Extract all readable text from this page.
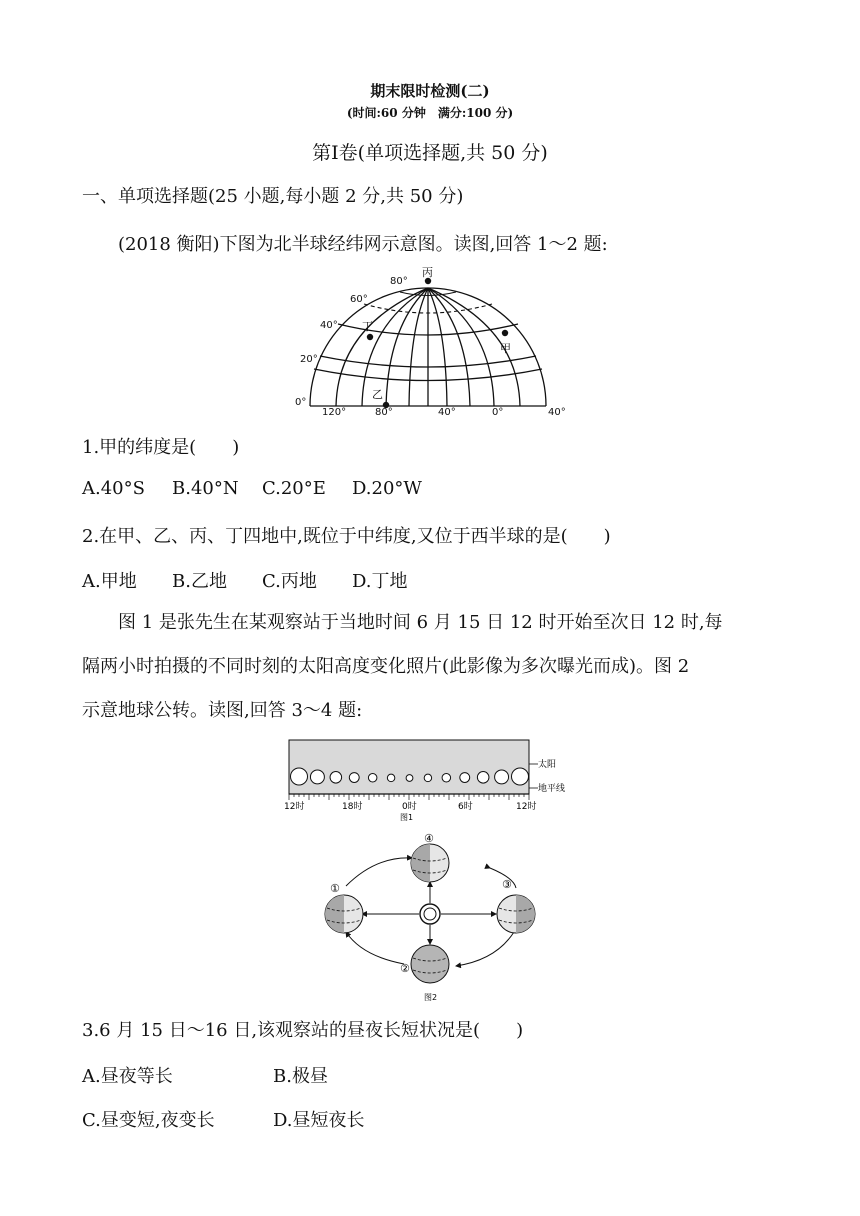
期末限时检测(二)
(时间:60 分钟　满分:100 分)
第Ⅰ卷(单项选择题,共 50 分)
一、单项选择题(25 小题,每小题 2 分,共 50 分)
(2018 衡阳)下图为北半球经纬网示意图。读图,回答 1～2 题:
80°
60°
40°
20°
0°
120°	80°	40°	0°	40°
丙
丁
甲
乙
1.甲的纬度是(　　)
A.40°S B.40°N C.20°E D.20°W
2.在甲、乙、丙、丁四地中,既位于中纬度,又位于西半球的是(　　)
A.甲地 B.乙地 C.丙地 D.丁地
图 1 是张先生在某观察站于当地时间 6 月 15 日 12 时开始至次日 12 时,每
隔两小时拍摄的不同时刻的太阳高度变化照片(此影像为多次曝光而成)。图 2
示意地球公转。读图,回答 3～4 题:
太阳
地平线
12时	18时	0时	6时	12时
图1
④
①	③
②
图2
3.6 月 15 日～16 日,该观察站的昼夜长短状况是(　　)
A.昼夜等长	B.极昼
C.昼变短,夜变长	D.昼短夜长
